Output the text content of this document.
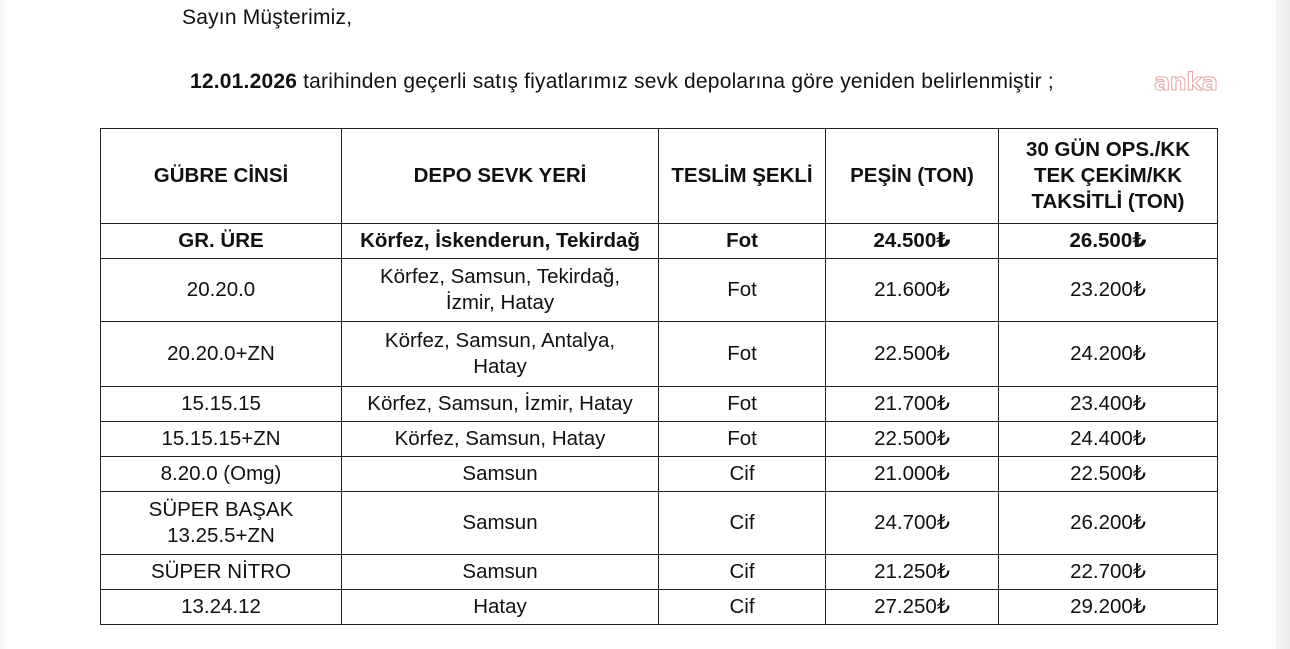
Sayın Müşterimiz,
12.01.2026 tarihinden geçerli satış fiyatlarımız sevk depolarına göre yeniden belirlenmiştir ;	anka
GÜBRE CİNSİ	DEPO SEVK YERİ	TESLİM ŞEKLİ	PEŞİN (TON)	30 GÜN OPS./KK
TEK ÇEKİM/KK
TAKSİTLİ (TON)

GR. ÜRE	Körfez, İskenderun, Tekirdağ	Fot	24.500₺	26.500₺
20.20.0	Körfez, Samsun, Tekirdağ,
İzmir, Hatay	Fot	21.600₺	23.200₺
20.20.0+ZN	Körfez, Samsun, Antalya,
Hatay	Fot	22.500₺	24.200₺
15.15.15	Körfez, Samsun, İzmir, Hatay	Fot	21.700₺	23.400₺
15.15.15+ZN	Körfez, Samsun, Hatay	Fot	22.500₺	24.400₺
8.20.0 (Omg)	Samsun	Cif	21.000₺	22.500₺

SÜPER BAŞAK
13.25.5+ZN	Samsun	Cif	24.700₺	26.200₺
SÜPER NİTRO	Samsun	Cif	21.250₺	22.700₺
13.24.12	Hatay	Cif	27.250₺	29.200₺
